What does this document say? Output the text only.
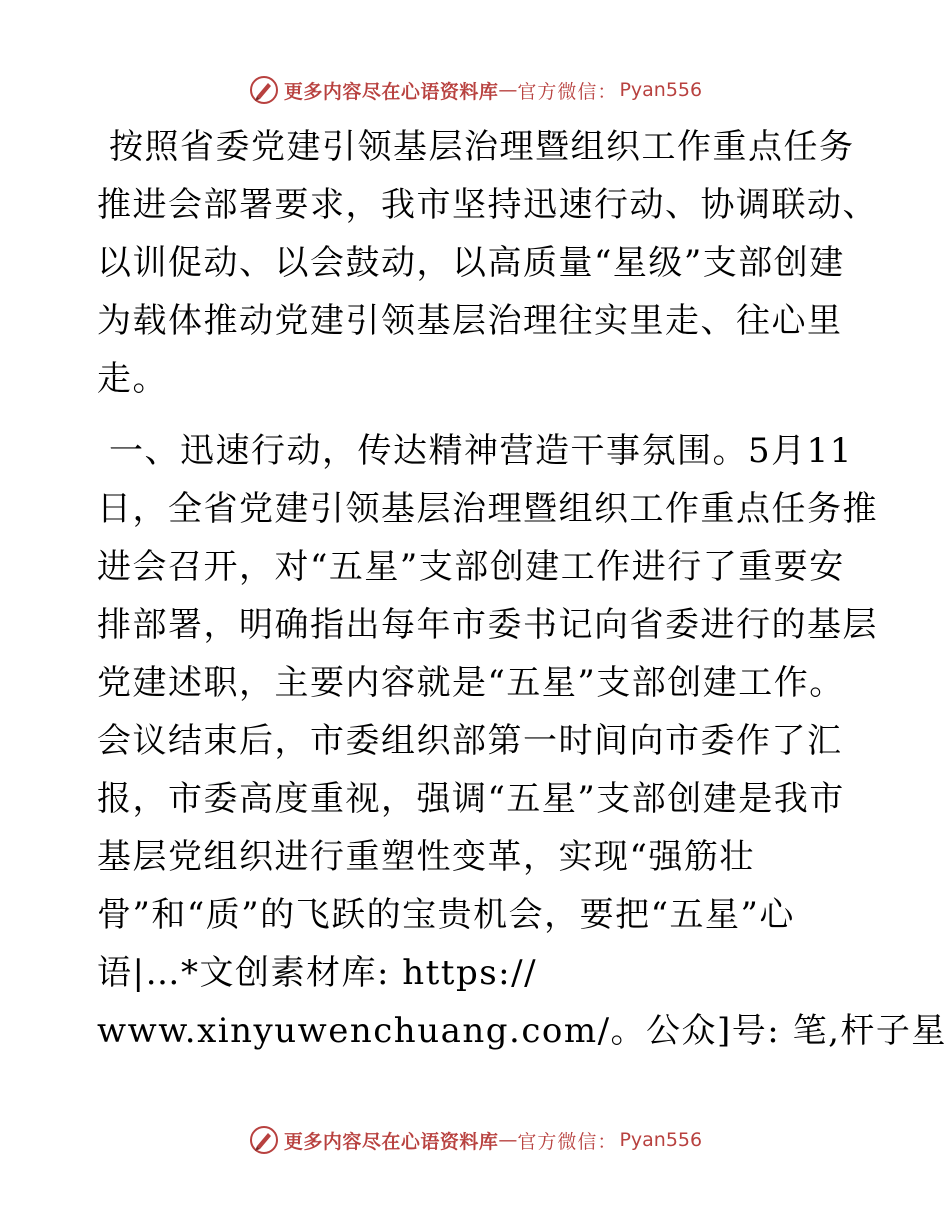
更多内容尽在心语资料库 — 官方微信： Pyan556
按照省委党建引领基层治理暨组织工作重点任务
推进会部署要求，我市坚持迅速行动、协调联动、
以训促动、以会鼓动，以高质量“星级”支部创建
为载体推动党建引领基层治理往实里走、往心里
走。
一、迅速行动，传达精神营造干事氛围。5月11
日，全省党建引领基层治理暨组织工作重点任务推
进会召开，对“五星”支部创建工作进行了重要安
排部署，明确指出每年市委书记向省委进行的基层
党建述职，主要内容就是“五星”支部创建工作。
会议结束后，市委组织部第一时间向市委作了汇
报，市委高度重视，强调“五星”支部创建是我市
基层党组织进行重塑性变革，实现“强筋壮
骨”和“质”的飞跃的宝贵机会，要把“五星”心
语|…*文创素材库: https://
www.xinyuwenchuang.com/。公众]号: 笔,杆子星
更多内容尽在心语资料库 — 官方微信： Pyan556
